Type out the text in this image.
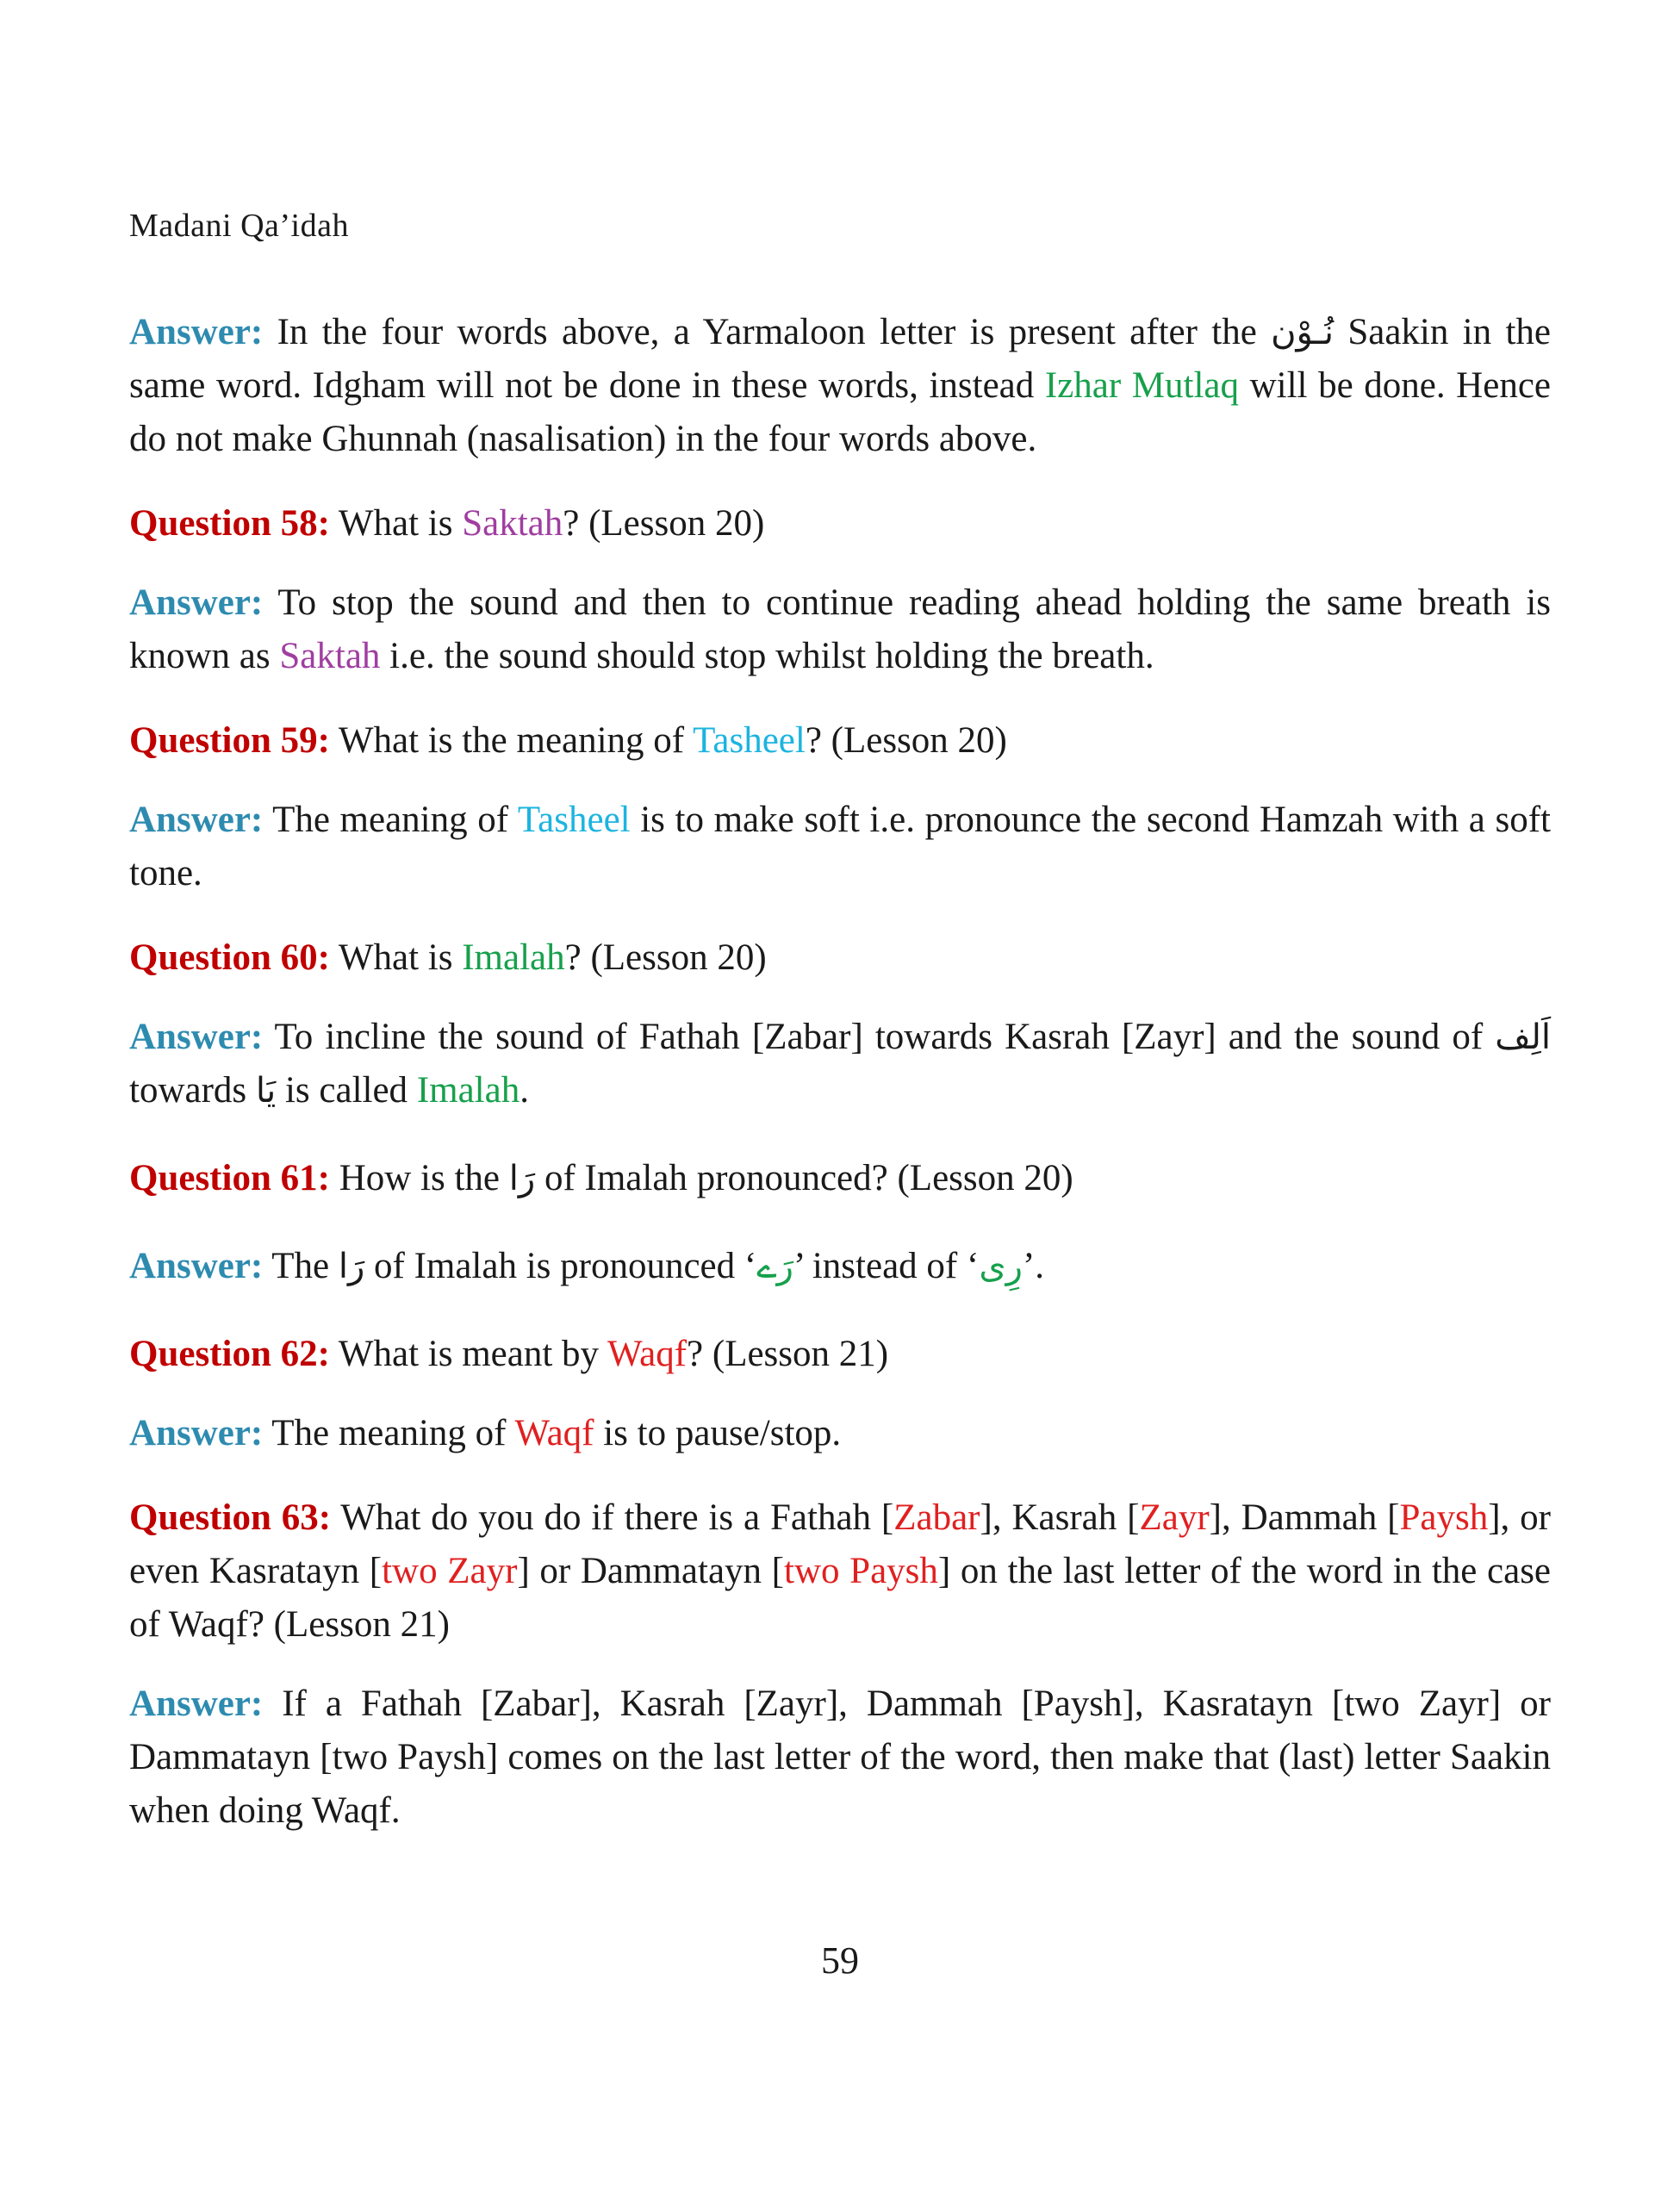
Madani Qa’idah

Answer: In the four words above, a Yarmaloon letter is present after the نُـوْن Saakin in the same word. Idgham will not be done in these words, instead Izhar Mutlaq will be done. Hence do not make Ghunnah (nasalisation) in the four words above.

Question 58: What is Saktah? (Lesson 20)

Answer: To stop the sound and then to continue reading ahead holding the same breath is known as Saktah i.e. the sound should stop whilst holding the breath.

Question 59: What is the meaning of Tasheel? (Lesson 20)

Answer: The meaning of Tasheel is to make soft i.e. pronounce the second Hamzah with a soft tone.

Question 60: What is Imalah? (Lesson 20)

Answer: To incline the sound of Fathah [Zabar] towards Kasrah [Zayr] and the sound of اَلِف towards يَا is called Imalah.

Question 61: How is the رَا of Imalah pronounced? (Lesson 20)

Answer: The رَا of Imalah is pronounced ‘رَے’ instead of ‘رِی’.

Question 62: What is meant by Waqf? (Lesson 21)

Answer: The meaning of Waqf is to pause/stop.

Question 63: What do you do if there is a Fathah [Zabar], Kasrah [Zayr], Dammah [Paysh], or even Kasratayn [two Zayr] or Dammatayn [two Paysh] on the last letter of the word in the case of Waqf? (Lesson 21)

Answer: If a Fathah [Zabar], Kasrah [Zayr], Dammah [Paysh], Kasratayn [two Zayr] or Dammatayn [two Paysh] comes on the last letter of the word, then make that (last) letter Saakin when doing Waqf.

59
